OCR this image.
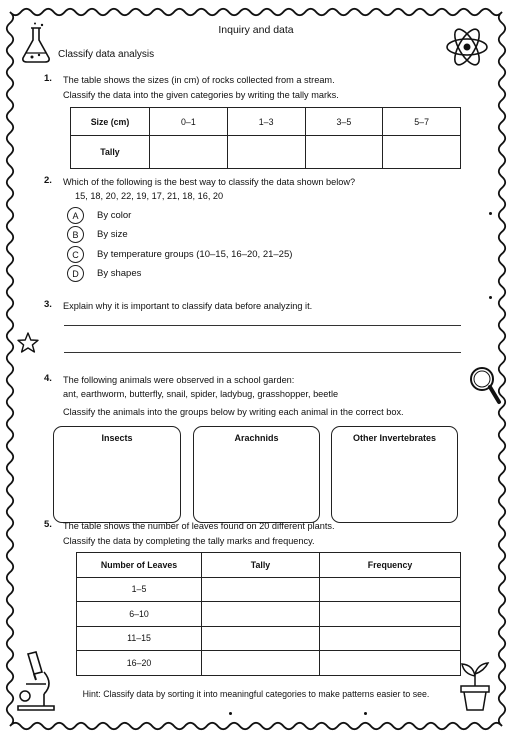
Inquiry and data
Classify data analysis
1. The table shows the sizes (in cm) of rocks collected from a stream.
Classify the data into the given categories by writing the tally marks.
Size (cm)	0–1	1–3	3–5	5–7
Tally				
2. Which of the following is the best way to classify the data shown below?
15, 18, 20, 22, 19, 17, 21, 18, 16, 20
A	By color
B	By size
C	By temperature groups (10–15, 16–20, 21–25)
D	By shapes
3. Explain why it is important to classify data before analyzing it.
4. The following animals were observed in a school garden:
ant, earthworm, butterfly, snail, spider, ladybug, grasshopper, beetle
Classify the animals into the groups below by writing each animal in the correct box.
Insects	Arachnids	Other Invertebrates
5. The table shows the number of leaves found on 20 different plants.
Classify the data by completing the tally marks and frequency.
Number of Leaves	Tally	Frequency
1–5		
6–10		
11–15		
16–20		
Hint: Classify data by sorting it into meaningful categories to make patterns easier to see.
